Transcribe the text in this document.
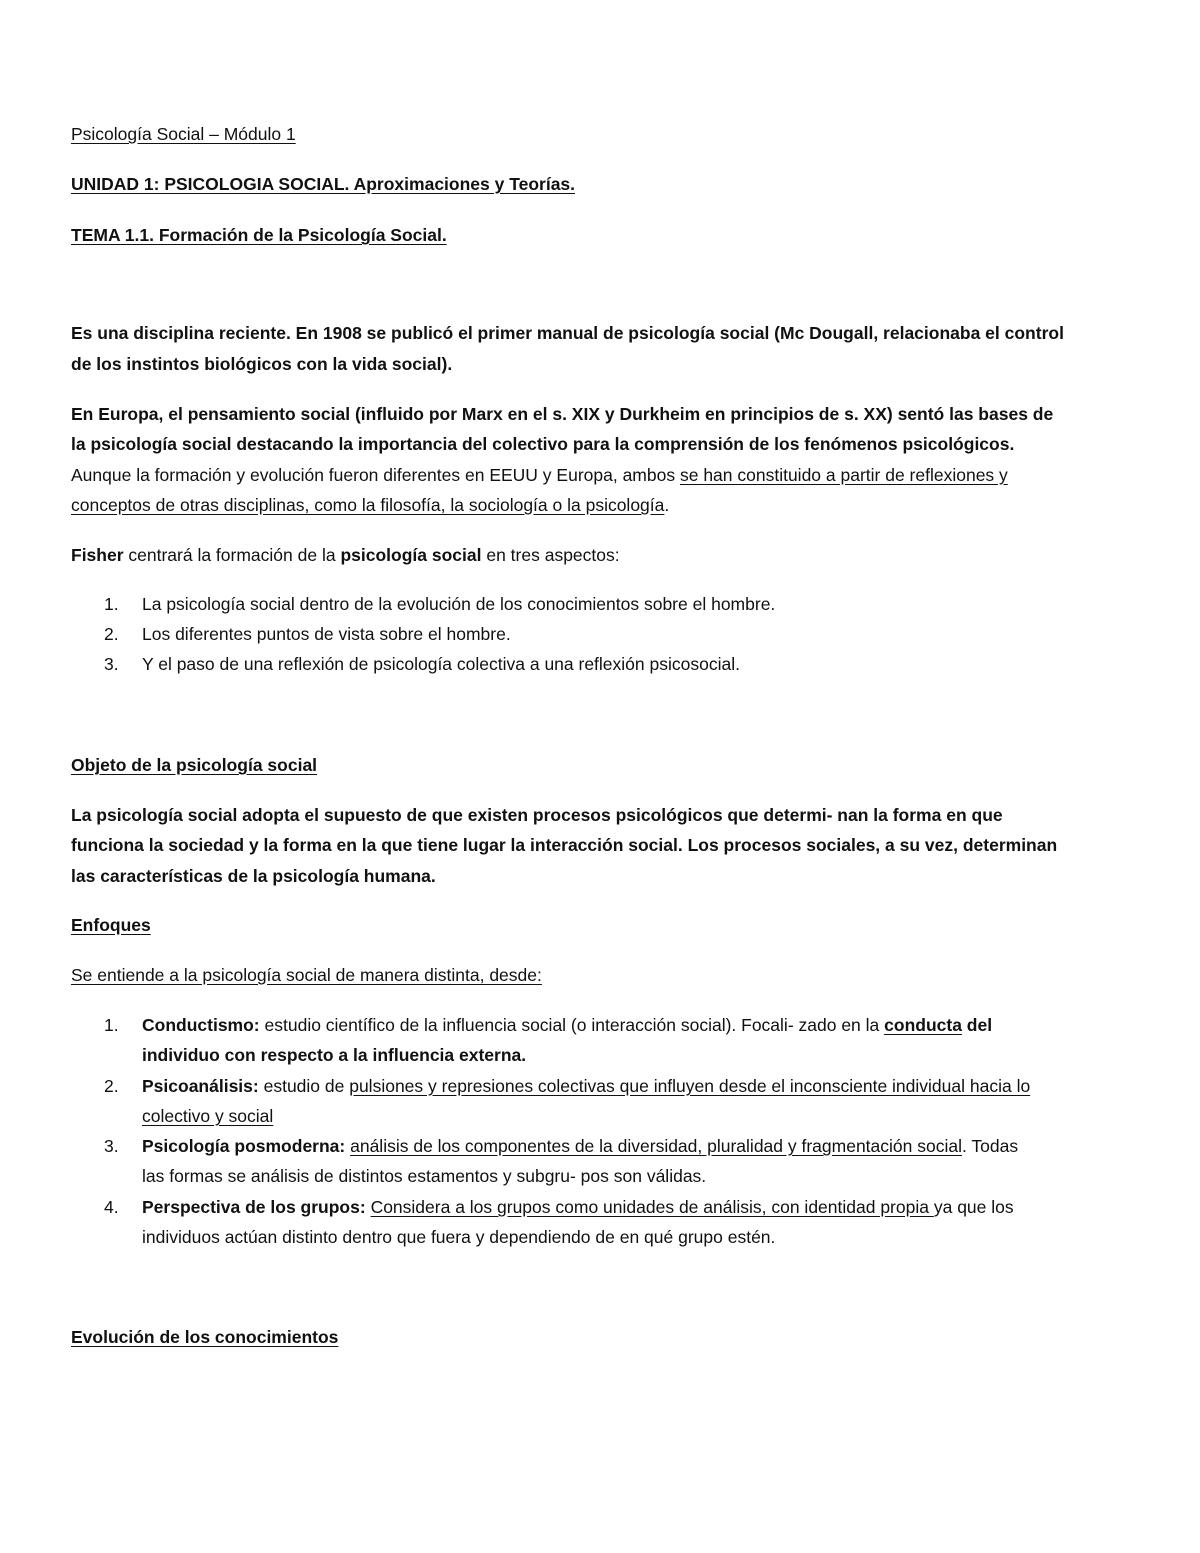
Psicología Social – Módulo 1
UNIDAD 1: PSICOLOGIA SOCIAL. Aproximaciones y Teorías.
TEMA 1.1. Formación de la Psicología Social.
Es una disciplina reciente. En 1908 se publicó el primer manual de psicología social (Mc Dougall, relacionaba el control
de los instintos biológicos con la vida social).
En Europa, el pensamiento social (influido por Marx en el s. XIX y Durkheim en principios de s. XX) sentó las bases de
la psicología social destacando la importancia del colectivo para la comprensión de los fenómenos psicológicos.
Aunque la formación y evolución fueron diferentes en EEUU y Europa, ambos se han constituido a partir de reflexiones y
conceptos de otras disciplinas, como la filosofía, la sociología o la psicología.
Fisher centrará la formación de la psicología social en tres aspectos:
1. La psicología social dentro de la evolución de los conocimientos sobre el hombre.
2. Los diferentes puntos de vista sobre el hombre.
3. Y el paso de una reflexión de psicología colectiva a una reflexión psicosocial.
Objeto de la psicología social
La psicología social adopta el supuesto de que existen procesos psicológicos que determi- nan la forma en que
funciona la sociedad y la forma en la que tiene lugar la interacción social. Los procesos sociales, a su vez, determinan
las características de la psicología humana.
Enfoques
Se entiende a la psicología social de manera distinta, desde:
1. Conductismo: estudio científico de la influencia social (o interacción social). Focali- zado en la conducta del
individuo con respecto a la influencia externa.
2. Psicoanálisis: estudio de pulsiones y represiones colectivas que influyen desde el inconsciente individual hacia lo
colectivo y social
3. Psicología posmoderna: análisis de los componentes de la diversidad, pluralidad y fragmentación social. Todas
las formas se análisis de distintos estamentos y subgru- pos son válidas.
4. Perspectiva de los grupos: Considera a los grupos como unidades de análisis, con identidad propia ya que los
individuos actúan distinto dentro que fuera y dependiendo de en qué grupo estén.
Evolución de los conocimientos
